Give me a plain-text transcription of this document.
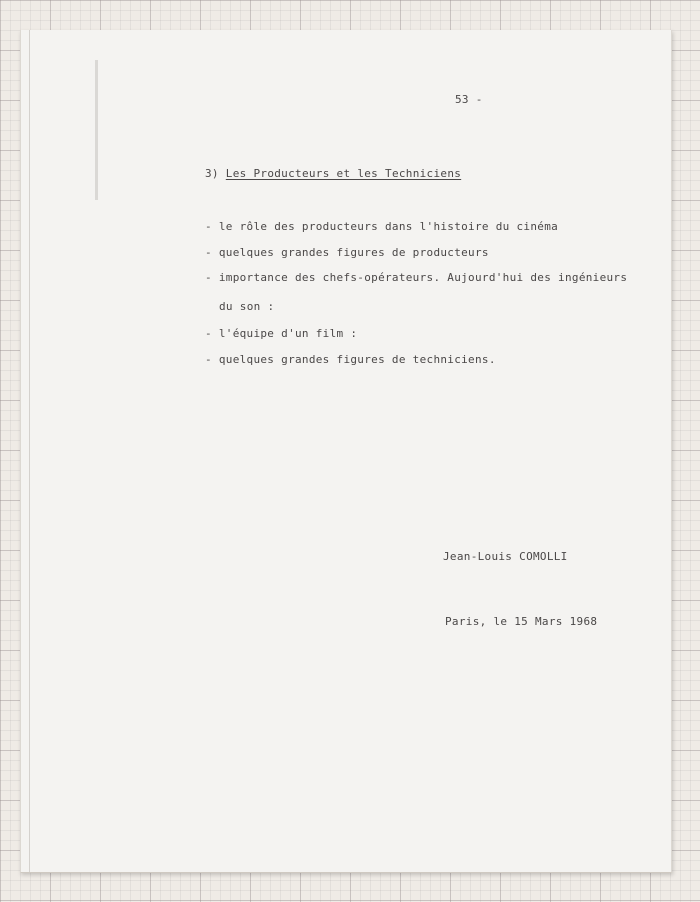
53 -
3) Les Producteurs et les Techniciens
- le rôle des producteurs dans l'histoire du cinéma
- quelques grandes figures de producteurs
- importance des chefs-opérateurs. Aujourd'hui des ingénieurs
du son :
- l'équipe d'un film :
- quelques grandes figures de techniciens.
Jean-Louis COMOLLI
Paris, le 15 Mars 1968
